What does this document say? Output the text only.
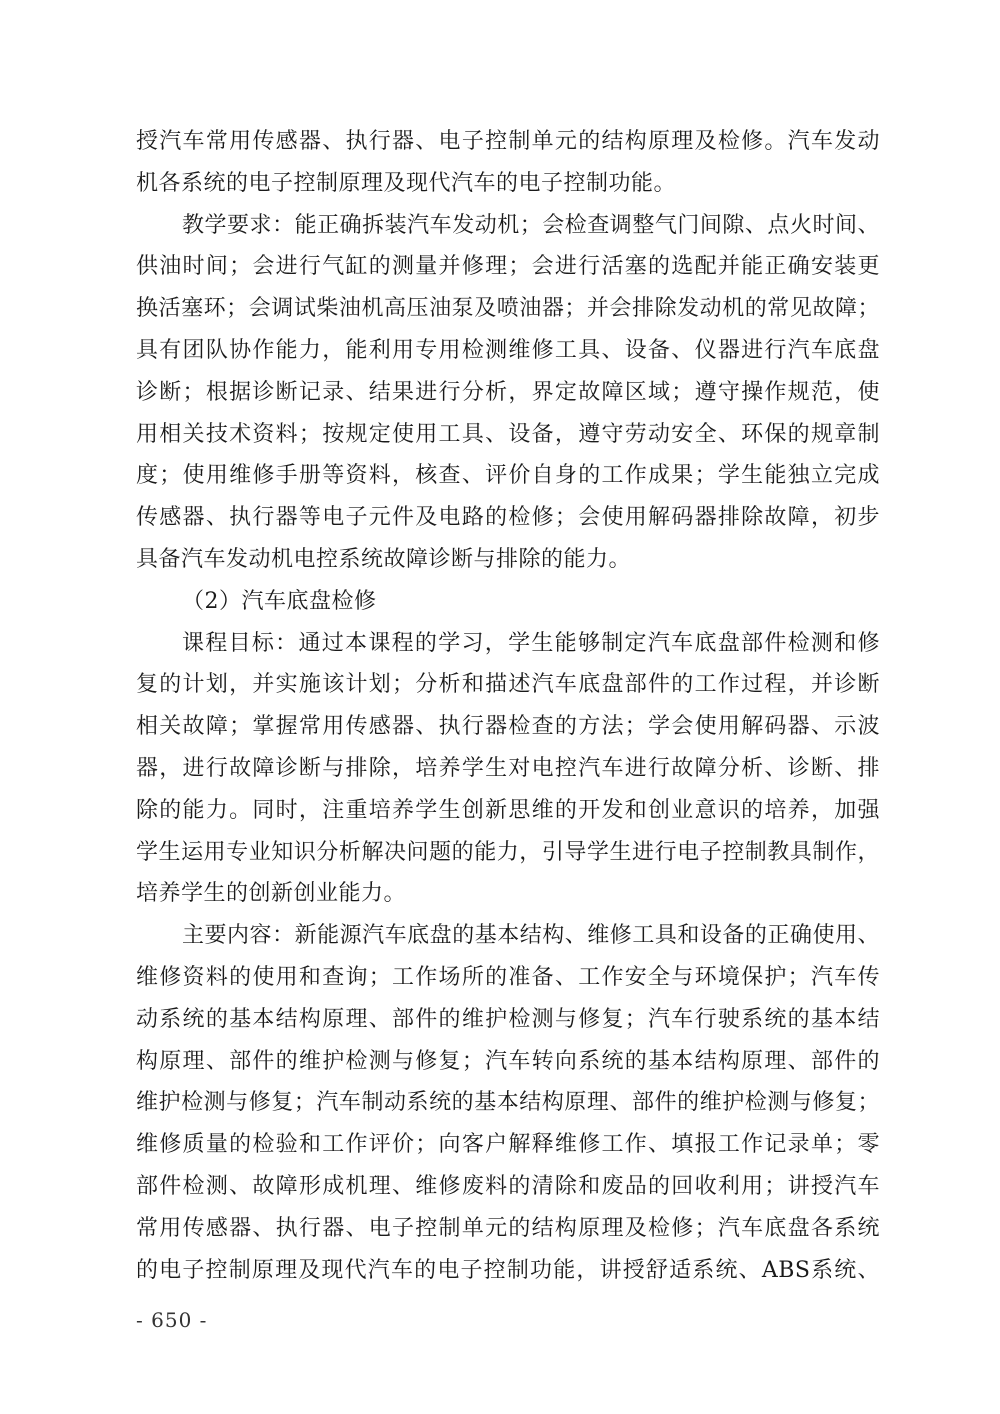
授汽车常用传感器、执行器、电子控制单元的结构原理及检修。汽车发动
机各系统的电子控制原理及现代汽车的电子控制功能。
教学要求：能正确拆装汽车发动机；会检查调整气门间隙、点火时间、
供油时间；会进行气缸的测量并修理；会进行活塞的选配并能正确安装更
换活塞环；会调试柴油机高压油泵及喷油器；并会排除发动机的常见故障；
具有团队协作能力，能利用专用检测维修工具、设备、仪器进行汽车底盘
诊断；根据诊断记录、结果进行分析，界定故障区域；遵守操作规范，使
用相关技术资料；按规定使用工具、设备，遵守劳动安全、环保的规章制
度；使用维修手册等资料，核查、评价自身的工作成果；学生能独立完成
传感器、执行器等电子元件及电路的检修；会使用解码器排除故障，初步
具备汽车发动机电控系统故障诊断与排除的能力。
（2）汽车底盘检修
课程目标：通过本课程的学习，学生能够制定汽车底盘部件检测和修
复的计划，并实施该计划；分析和描述汽车底盘部件的工作过程，并诊断
相关故障；掌握常用传感器、执行器检查的方法；学会使用解码器、示波
器，进行故障诊断与排除，培养学生对电控汽车进行故障分析、诊断、排
除的能力。同时，注重培养学生创新思维的开发和创业意识的培养，加强
学生运用专业知识分析解决问题的能力，引导学生进行电子控制教具制作，
培养学生的创新创业能力。
主要内容：新能源汽车底盘的基本结构、维修工具和设备的正确使用、
维修资料的使用和查询；工作场所的准备、工作安全与环境保护；汽车传
动系统的基本结构原理、部件的维护检测与修复；汽车行驶系统的基本结
构原理、部件的维护检测与修复；汽车转向系统的基本结构原理、部件的
维护检测与修复；汽车制动系统的基本结构原理、部件的维护检测与修复；
维修质量的检验和工作评价；向客户解释维修工作、填报工作记录单；零
部件检测、故障形成机理、维修废料的清除和废品的回收利用；讲授汽车
常用传感器、执行器、电子控制单元的结构原理及检修；汽车底盘各系统
的电子控制原理及现代汽车的电子控制功能，讲授舒适系统、ABS系统、
- 650 -
